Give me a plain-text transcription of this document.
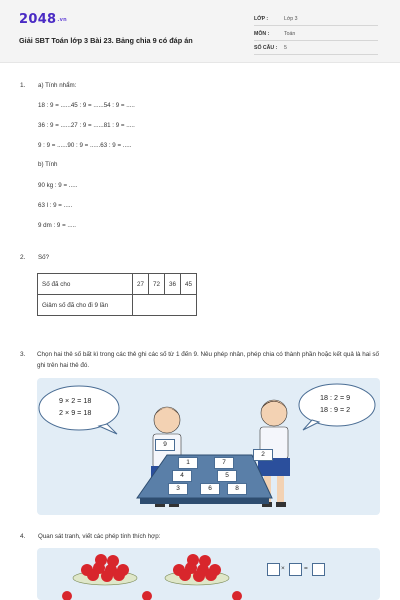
2048.vn
Giải SBT Toán lớp 3 Bài 23. Bảng chia 9 có đáp án
LỚP :	Lớp 3
MÔN :	Toán
SỐ CÂU : 5
1. a) Tính nhẩm:
18 : 9 = ......45 : 9 = ......54 : 9 = .....
36 : 9 = ......27 : 9 = ......81 : 9 = .....
9 : 9 = ......90 : 9 = ......63 : 9 = .....
b) Tính
90 kg : 9 = .....
63 l : 9 = .....
9 dm : 9 = .....
2. Số?
Số đã cho	27	72	36	45
Giảm số đã cho đi 9 lần				
3. Chọn hai thẻ số bất kì trong các thẻ ghi các số từ 1 đến 9. Nêu phép nhân, phép chia có thành phần hoặc kết quả là hai số ghi trên hai thẻ đó.
9 × 2 = 18
2 × 9 = 18
18 : 2 = 9
18 : 9 = 2
9
2
1	7
4	5
3	6	8
4. Quan sát tranh, viết các phép tính thích hợp:
×	=
